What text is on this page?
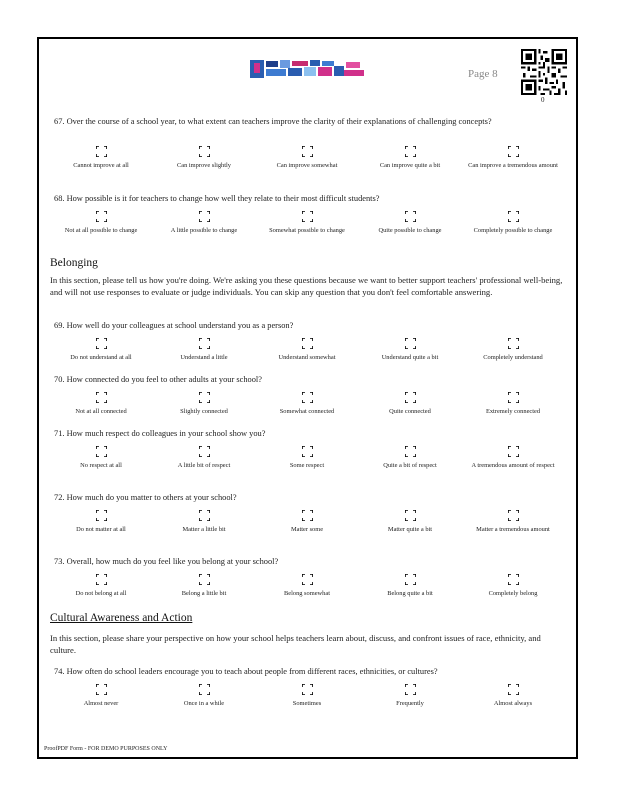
Page 8
0
67. Over the course of a school year, to what extent can teachers improve the clarity of their explanations of challenging concepts?
Cannot improve at all	Can improve slightly	Can improve somewhat	Can improve quite a bit	Can improve a tremendous amount
68. How possible is it for teachers to change how well they relate to their most difficult students?
Not at all possible to change	A little possible to change	Somewhat possible to change	Quite possible to change	Completely possible to change
Belonging
In this section, please tell us how you're doing. We're asking you these questions because we want to better support teachers' professional well-being, and will not use responses to evaluate or judge individuals. You can skip any question that you don't feel comfortable answering.
69. How well do your colleagues at school understand you as a person?
Do not understand at all	Understand a little	Understand somewhat	Understand quite a bit	Completely understand
70. How connected do you feel to other adults at your school?
Not at all connected	Slightly connected	Somewhat connected	Quite connected	Extremely connected
71. How much respect do colleagues in your school show you?
No respect at all	A little bit of respect	Some respect	Quite a bit of respect	A tremendous amount of respect
72. How much do you matter to others at your school?
Do not matter at all	Matter a little bit	Matter some	Matter quite a bit	Matter a tremendous amount
73. Overall, how much do you feel like you belong at your school?
Do not belong at all	Belong a little bit	Belong somewhat	Belong quite a bit	Completely belong
Cultural Awareness and Action
In this section, please share your perspective on how your school helps teachers learn about, discuss, and confront issues of race, ethnicity, and culture.
74. How often do school leaders encourage you to teach about people from different races, ethnicities, or cultures?
Almost never	Once in a while	Sometimes	Frequently	Almost always
ProofPDF Form - FOR DEMO PURPOSES ONLY
